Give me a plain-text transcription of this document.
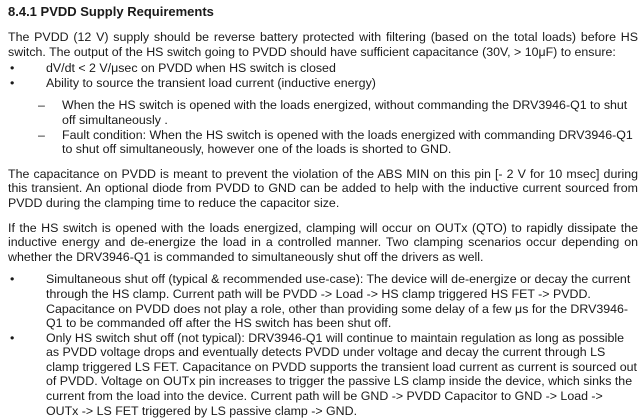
8.4.1 PVDD Supply Requirements

The PVDD (12 V) supply should be reverse battery protected with filtering (based on the total loads) before HS switch. The output of the HS switch going to PVDD should have sufficient capacitance (30V, > 10μF) to ensure:

•	dV/dt < 2 V/μsec on PVDD when HS switch is closed
•	Ability to source the transient load current (inductive energy)
– When the HS switch is opened with the loads energized, without commanding the DRV3946-Q1 to shut off simultaneously .
– Fault condition: When the HS switch is opened with the loads energized with commanding DRV3946-Q1 to shut off simultaneously, however one of the loads is shorted to GND.

The capacitance on PVDD is meant to prevent the violation of the ABS MIN on this pin [- 2 V for 10 msec] during this transient. An optional diode from PVDD to GND can be added to help with the inductive current sourced from PVDD during the clamping time to reduce the capacitor size.

If the HS switch is opened with the loads energized, clamping will occur on OUTx (QTO) to rapidly dissipate the inductive energy and de-energize the load in a controlled manner. Two clamping scenarios occur depending on whether the DRV3946-Q1 is commanded to simultaneously shut off the drivers as well.

•	Simultaneous shut off (typical & recommended use-case): The device will de-energize or decay the current through the HS clamp. Current path will be PVDD -> Load -> HS clamp triggered HS FET -> PVDD. Capacitance on PVDD does not play a role, other than providing some delay of a few μs for the DRV3946-Q1 to be commanded off after the HS switch has been shut off.
•	Only HS switch shut off (not typical): DRV3946-Q1 will continue to maintain regulation as long as possible as PVDD voltage drops and eventually detects PVDD under voltage and decay the current through LS clamp triggered LS FET. Capacitance on PVDD supports the transient load current as current is sourced out of PVDD. Voltage on OUTx pin increases to trigger the passive LS clamp inside the device, which sinks the current from the load into the device. Current path will be GND -> PVDD Capacitor to GND -> Load -> OUTx -> LS FET triggered by LS passive clamp -> GND.
